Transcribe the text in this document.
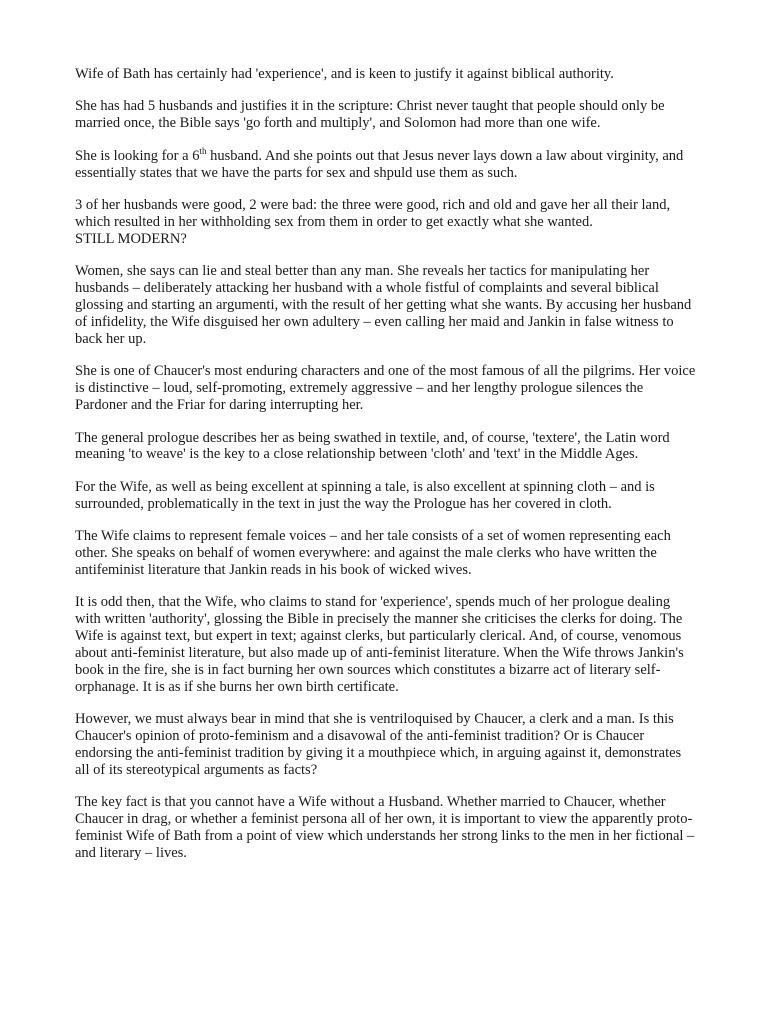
Wife of Bath has certainly had 'experience', and is keen to justify it against biblical authority.

She has had 5 husbands and justifies it in the scripture: Christ never taught that people should only be married once, the Bible says 'go forth and multiply', and Solomon had more than one wife.

She is looking for a 6th husband. And she points out that Jesus never lays down a law about virginity, and essentially states that we have the parts for sex and shpuld use them as such.

3 of her husbands were good, 2 were bad: the three were good, rich and old and gave her all their land, which resulted in her withholding sex from them in order to get exactly what she wanted.
STILL MODERN?

Women, she says can lie and steal better than any man. She reveals her tactics for manipulating her husbands – deliberately attacking her husband with a whole fistful of complaints and several biblical glossing and starting an argumenti, with the result of her getting what she wants. By accusing her husband of infidelity, the Wife disguised her own adultery – even calling her maid and Jankin in false witness to back her up.

She is one of Chaucer's most enduring characters and one of the most famous of all the pilgrims. Her voice is distinctive – loud, self-promoting, extremely aggressive – and her lengthy prologue silences the Pardoner and the Friar for daring interrupting her.

The general prologue describes her as being swathed in textile, and, of course, 'textere', the Latin word meaning 'to weave' is the key to a close relationship between 'cloth' and 'text' in the Middle Ages.

For the Wife, as well as being excellent at spinning a tale, is also excellent at spinning cloth – and is surrounded, problematically in the text in just the way the Prologue has her covered in cloth.

The Wife claims to represent female voices – and her tale consists of a set of women representing each other. She speaks on behalf of women everywhere: and against the male clerks who have written the antifeminist literature that Jankin reads in his book of wicked wives.

It is odd then, that the Wife, who claims to stand for 'experience', spends much of her prologue dealing with written 'authority', glossing the Bible in precisely the manner she criticises the clerks for doing. The Wife is against text, but expert in text; against clerks, but particularly clerical. And, of course, venomous about anti-feminist literature, but also made up of anti-feminist literature. When the Wife throws Jankin's book in the fire, she is in fact burning her own sources which constitutes a bizarre act of literary self-orphanage. It is as if she burns her own birth certificate.

However, we must always bear in mind that she is ventriloquised by Chaucer, a clerk and a man. Is this Chaucer's opinion of proto-feminism and a disavowal of the anti-feminist tradition? Or is Chaucer endorsing the anti-feminist tradition by giving it a mouthpiece which, in arguing against it, demonstrates all of its stereotypical arguments as facts?

The key fact is that you cannot have a Wife without a Husband. Whether married to Chaucer, whether Chaucer in drag, or whether a feminist persona all of her own, it is important to view the apparently proto-feminist Wife of Bath from a point of view which understands her strong links to the men in her fictional – and literary – lives.
